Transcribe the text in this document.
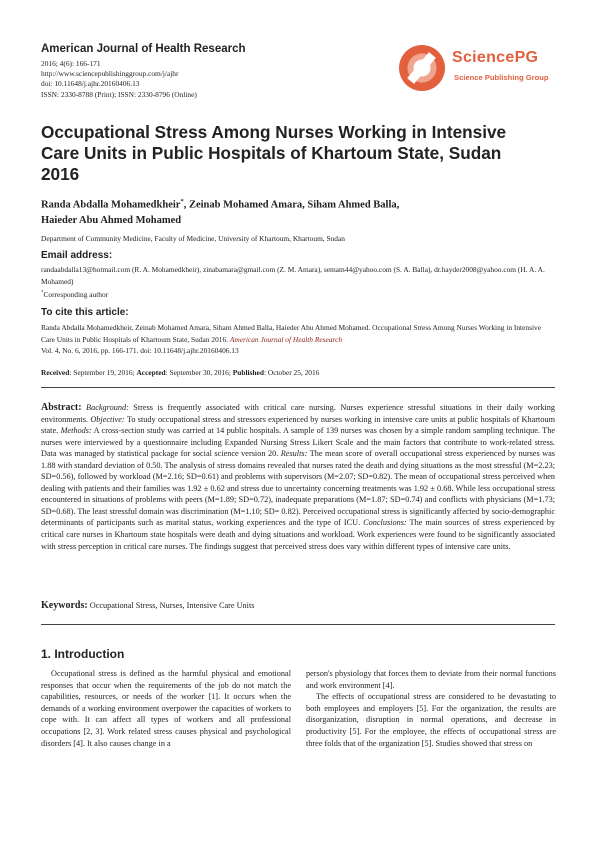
American Journal of Health Research
2016; 4(6): 166-171
http://www.sciencepublishinggroup.com/j/ajhr
doi: 10.11648/j.ajhr.20160406.13
ISSN: 2330-8788 (Print); ISSN: 2330-8796 (Online)
SciencePG
Science Publishing Group
Occupational Stress Among Nurses Working in Intensive Care Units in Public Hospitals of Khartoum State, Sudan 2016
Randa Abdalla Mohamedkheir*, Zeinab Mohamed Amara, Siham Ahmed Balla,
Haieder Abu Ahmed Mohamed
Department of Community Medicine, Faculty of Medicine, University of Khartoum, Khartoum, Sudan
Email address:
randaabdalla13@hotmail.com (R. A. Mohamedkheir), zinabamara@gmail.com (Z. M. Amara), semam44@yahoo.com (S. A. Balla), dr.hayder2008@yahoo.com (H. A. A. Mohamed)
*Corresponding author
To cite this article:
Randa Abdalla Mohamedkheir, Zeinab Mohamed Amara, Siham Ahmed Balla, Haieder Abu Ahmed Mohamed. Occupational Stress Among Nurses Working in Intensive Care Units in Public Hospitals of Khartoum State, Sudan 2016. American Journal of Health Research
Vol. 4, No. 6, 2016, pp. 166-171. doi: 10.11648/j.ajhr.20160406.13
Received: September 19, 2016; Accepted: September 30, 2016; Published: October 25, 2016
Abstract: Background: Stress is frequently associated with critical care nursing. Nurses experience stressful situations in their daily working environments. Objective: To study occupational stress and stressors experienced by nurses working in intensive care units at public hospitals of Khartoum state. Methods: A cross-section study was carried at 14 public hospitals. A sample of 139 nurses was chosen by a simple random sampling technique. The nurses were interviewed by a questionnaire including Expanded Nursing Stress Likert Scale and the main factors that contribute to work-related stress. Data was managed by statistical package for social science version 20. Results: The mean score of overall occupational stress experienced by nurses was 1.88 with standard deviation of 0.50. The analysis of stress domains revealed that nurses rated the death and dying situations as the most stressful (M=2.23; SD=0.56), followed by workload (M=2.16; SD=0.61) and problems with supervisors (M=2.07; SD=0.82). The mean of occupational stress perceived when dealing with patients and their families was 1.92 ± 0.62 and stress due to uncertainty concerning treatments was 1.92 ± 0.68. While less occupational stress encountered in situations of problems with peers (M=1.89; SD=0.72), inadequate preparations (M=1.87; SD=0.74) and conflicts with physicians (M=1.73; SD=0.68). The least stressful domain was discrimination (M=1.10; SD= 0.82). Perceived occupational stress is significantly affected by socio-demographic determinants of participants such as marital status, working experiences and the type of ICU. Conclusions: The main sources of stress experienced by critical care nurses in Khartoum state hospitals were death and dying situations and workload. Work experiences were found to be significantly associated with stress perception in critical care nurses. The findings suggest that perceived stress does vary within different types of intensive care units.
Keywords: Occupational Stress, Nurses, Intensive Care Units
1. Introduction

Occupational stress is defined as the harmful physical and emotional responses that occur when the requirements of the job do not match the capabilities, resources, or needs of the worker [1]. It occurs when the demands of a working environment overpower the capacities of workers to cope with. It can affect all types of workers and all professional occupations [2, 3]. Work related stress causes physical and psychological disorders [4]. It also causes change in a

person's physiology that forces them to deviate from their normal functions and work environment [4].

The effects of occupational stress are considered to be devastating to both employees and employers [5]. For the organization, the results are disorganization, disruption in normal operations, and decrease in productivity [5]. For the employee, the effects of occupational stress are three folds that of the organization [5]. Studies showed that stress on
